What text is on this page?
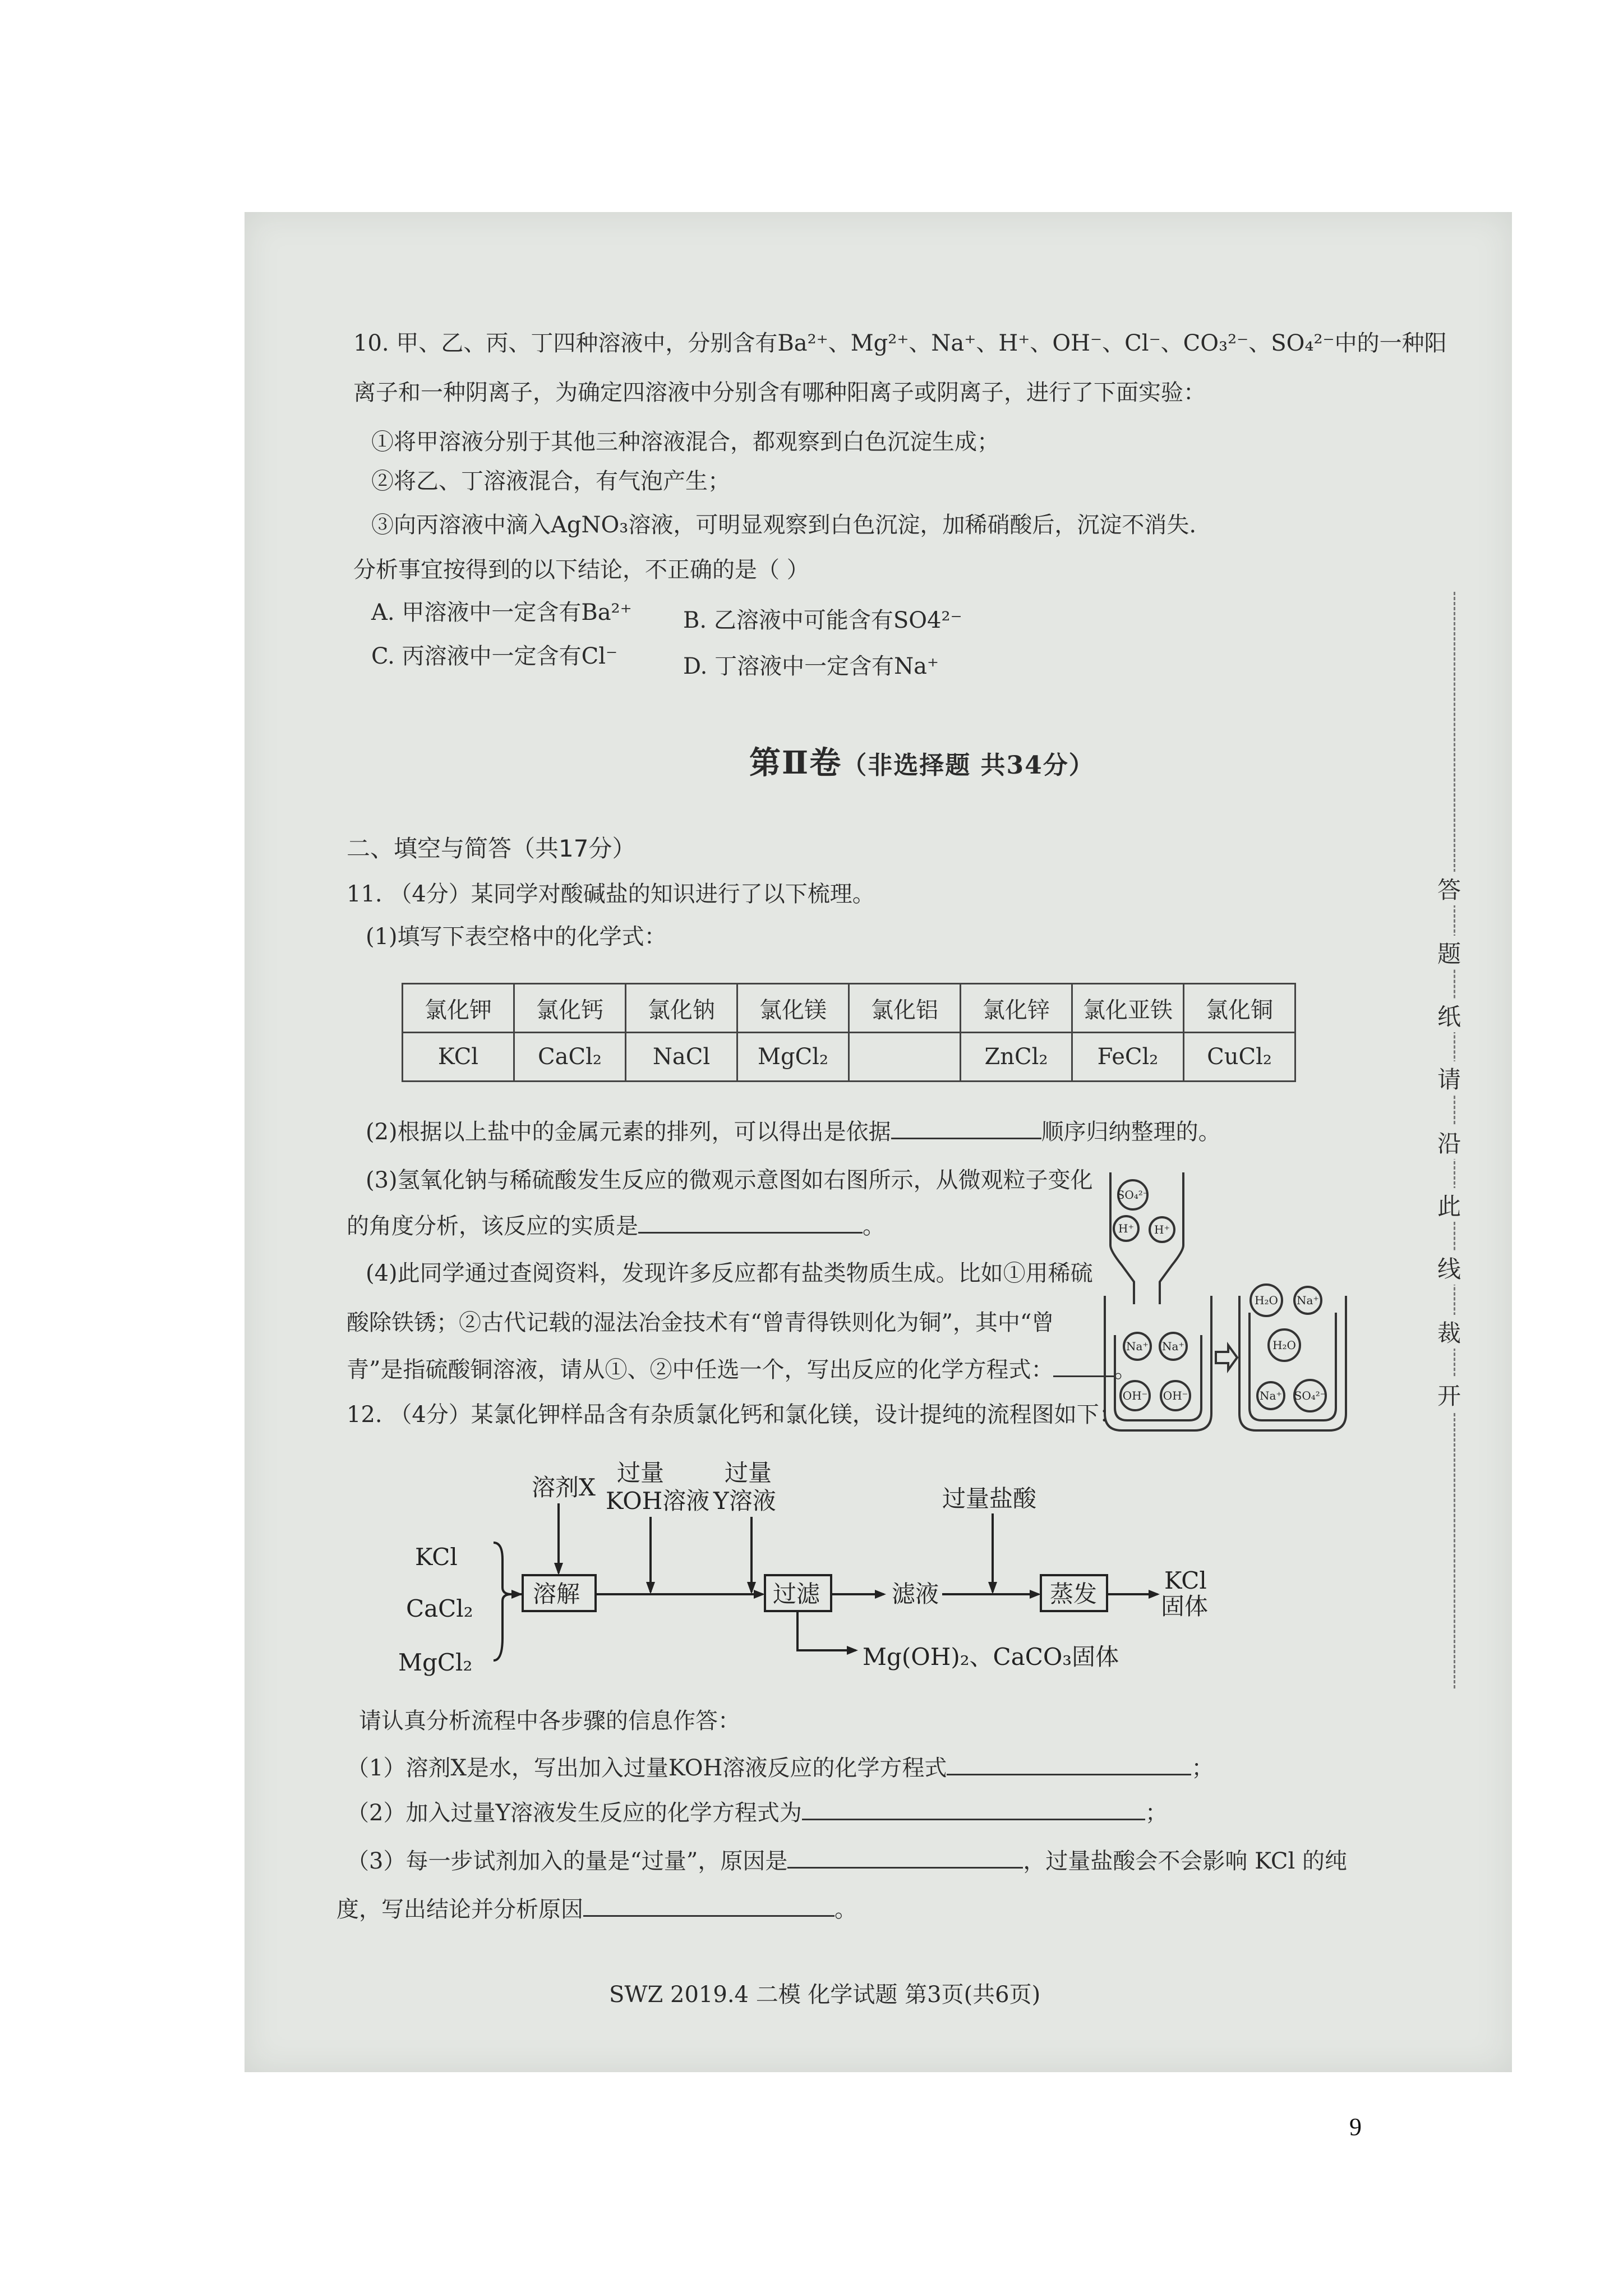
10. 甲、乙、丙、丁四种溶液中，分别含有Ba²⁺、Mg²⁺、Na⁺、H⁺、OH⁻、Cl⁻、CO₃²⁻、SO₄²⁻中的一种阳
离子和一种阴离子，为确定四溶液中分别含有哪种阳离子或阴离子，进行了下面实验：
①将甲溶液分别于其他三种溶液混合，都观察到白色沉淀生成；
②将乙、丁溶液混合，有气泡产生；
③向丙溶液中滴入AgNO₃溶液，可明显观察到白色沉淀，加稀硝酸后，沉淀不消失.
分析事宜按得到的以下结论，不正确的是（ ）
A. 甲溶液中一定含有Ba²⁺ B. 乙溶液中可能含有SO4²⁻
C. 丙溶液中一定含有Cl⁻	D. 丁溶液中一定含有Na⁺
第Ⅱ卷（非选择题 共34分）
二、填空与简答（共17分）
11. （4分）某同学对酸碱盐的知识进行了以下梳理。
(1)填写下表空格中的化学式：
氯化钾	氯化钙	氯化钠	氯化镁	氯化铝	氯化锌	氯化亚铁	氯化铜
KCl	CaCl₂	NaCl	MgCl₂		ZnCl₂	FeCl₂	CuCl₂
(2)根据以上盐中的金属元素的排列，可以得出是依据	顺序归纳整理的。
(3)氢氧化钠与稀硫酸发生反应的微观示意图如右图所示，从微观粒子变化
的角度分析，该反应的实质是	。
(4)此同学通过查阅资料，发现许多反应都有盐类物质生成。比如①用稀硫
酸除铁锈；②古代记载的湿法冶金技术有“曾青得铁则化为铜”，其中“曾
青”是指硫酸铜溶液，请从①、②中任选一个，写出反应的化学方程式：	。
SO₄²⁻
H⁺ H⁺
Na⁺ Na⁺
OH⁻ OH⁻
H₂O Na⁺
H₂O
Na⁺ SO₄²⁻
12. （4分）某氯化钾样品含有杂质氯化钙和氯化镁，设计提纯的流程图如下：
KCl
CaCl₂
MgCl₂
溶剂X
过量
KOH溶液
过量
Y溶液	过量盐酸
溶解	过滤	滤液	蒸发	KCl
固体
Mg(OH)₂、CaCO₃固体
请认真分析流程中各步骤的信息作答：
（1）溶剂X是水，写出加入过量KOH溶液反应的化学方程式	；
（2）加入过量Y溶液发生反应的化学方程式为	；
（3）每一步试剂加入的量是“过量”，原因是	，过量盐酸会不会影响 KCl 的纯
度，写出结论并分析原因	。
SWZ 2019.4 二模 化学试题 第3页(共6页)
答
题
纸
请
沿
此
线
裁
开
9
